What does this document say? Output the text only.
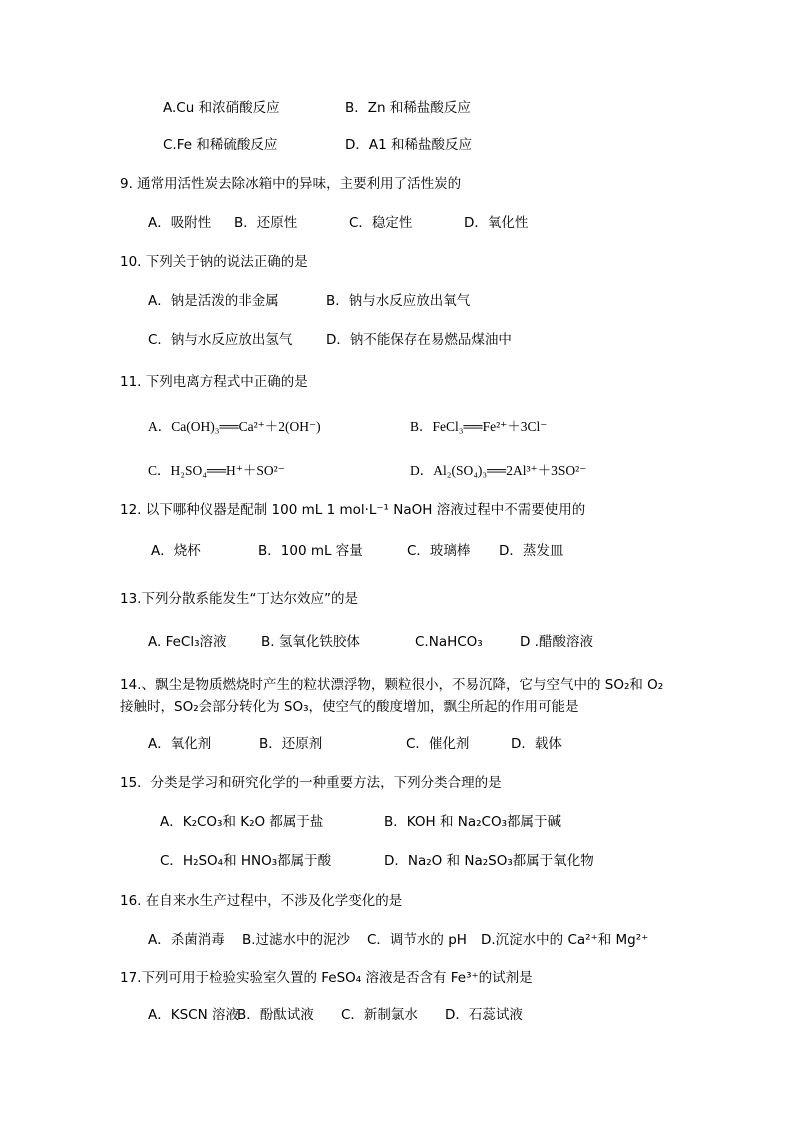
A.Cu 和浓硝酸反应	B．Zn 和稀盐酸反应
C.Fe 和稀硫酸反应	D．A1 和稀盐酸反应
9. 通常用活性炭去除冰箱中的异味，主要利用了活性炭的
A．吸附性 B．还原性	C．稳定性	D．氧化性
10. 下列关于钠的说法正确的是
A．钠是活泼的非金属	B．钠与水反应放出氧气
C．钠与水反应放出氢气 D．钠不能保存在易燃品煤油中
11. 下列电离方程式中正确的是
A．Ca(OH)₃══Ca²⁺＋2(OH⁻)	B．FeCl₃══Fe²⁺＋3Cl⁻
C．H₂SO₄══H⁺＋SO²⁻	D．Al₂(SO₄)₃══2Al³⁺＋3SO²⁻
12. 以下哪种仪器是配制 100 mL 1 mol·L⁻¹ NaOH 溶液过程中不需要使用的
A．烧杯	B．100 mL 容量	C．玻璃棒 D．蒸发皿
13.下列分散系能发生“丁达尔效应”的是
A. FeCl₃溶液	B. 氢氧化铁胶体	C.NaHCO₃	D .醋酸溶液
14.、飘尘是物质燃烧时产生的粒状漂浮物，颗粒很小，不易沉降，它与空气中的 SO₂和 O₂
接触时，SO₂会部分转化为 SO₃，使空气的酸度增加，飘尘所起的作用可能是
A．氧化剂	B．还原剂	C．催化剂	D．载体
15．分类是学习和研究化学的一种重要方法，下列分类合理的是
A．K₂CO₃和 K₂O 都属于盐	B．KOH 和 Na₂CO₃都属于碱
C．H₂SO₄和 HNO₃都属于酸	D．Na₂O 和 Na₂SO₃都属于氧化物
16. 在自来水生产过程中，不涉及化学变化的是
A．杀菌消毒 B.过滤水中的泥沙 C．调节水的 pH D.沉淀水中的 Ca²⁺和 Mg²⁺
17.下列可用于检验实验室久置的 FeSO₄ 溶液是否含有 Fe³⁺的试剂是
A．KSCN 溶液
B．酚酞试液 C．新制氯水 D．石蕊试液
